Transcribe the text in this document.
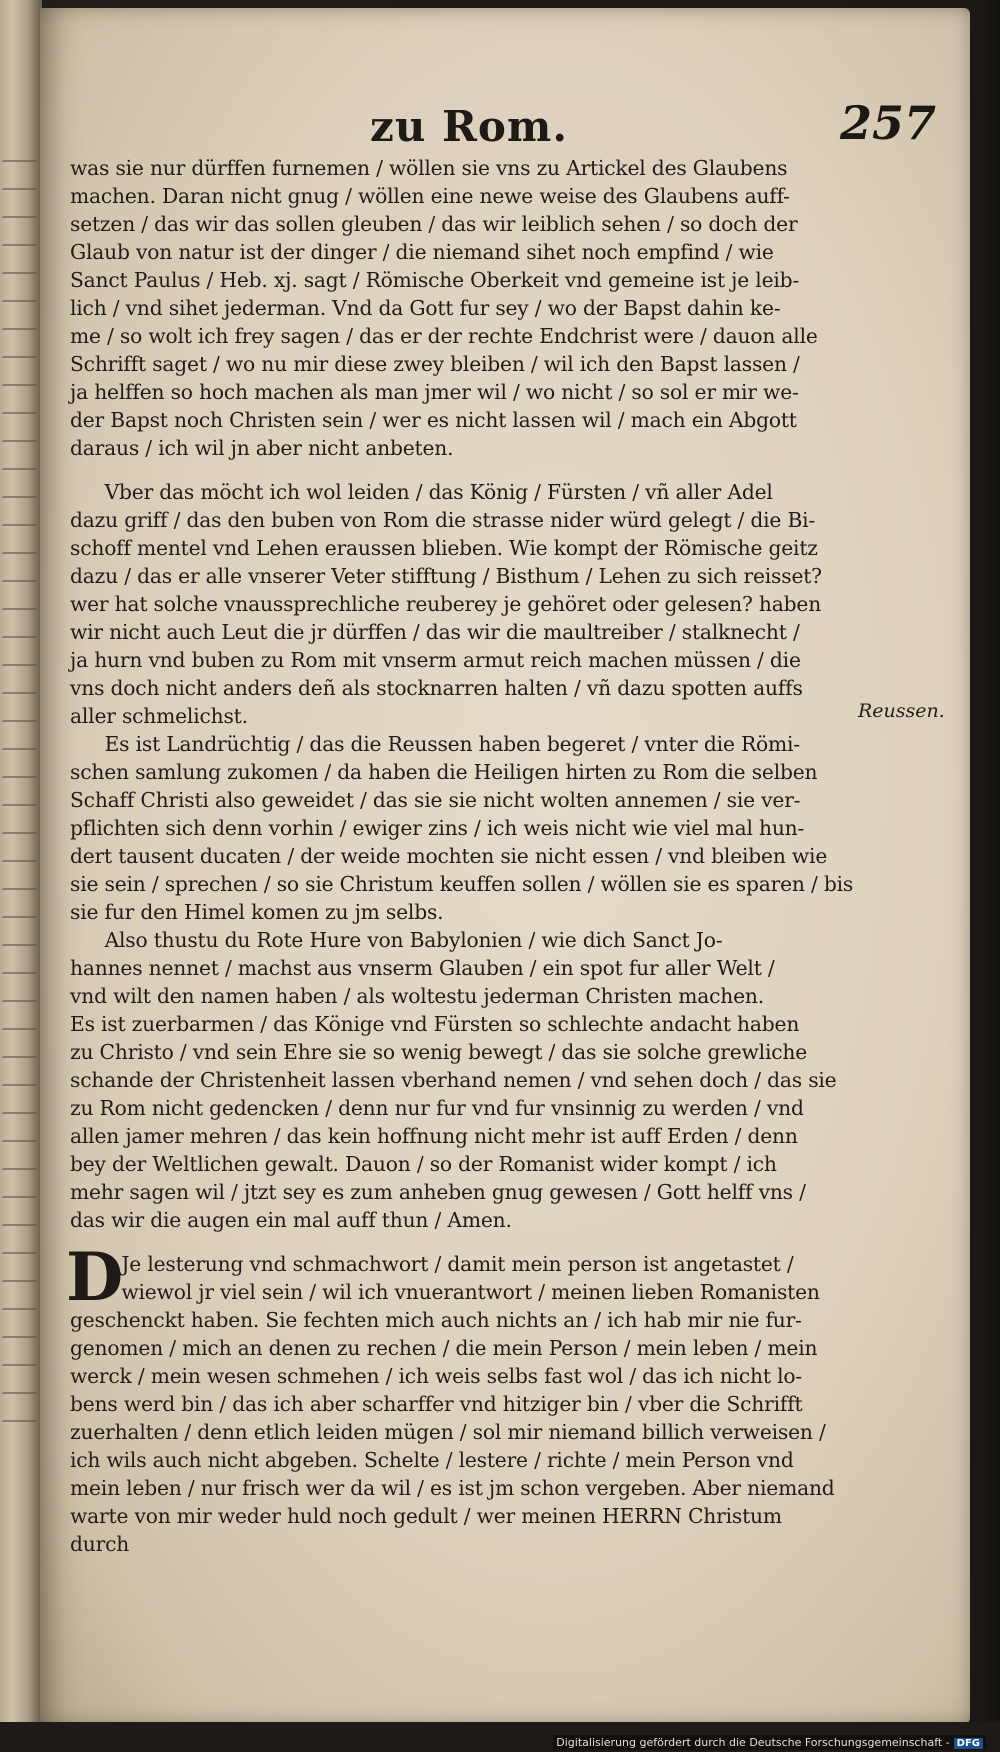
zu Rom.	257
Reussen.
was sie nur dürffen furnemen / wöllen sie vns zu Artickel des Glaubens
machen. Daran nicht gnug / wöllen eine newe weise des Glaubens auff-
setzen / das wir das sollen gleuben / das wir leiblich sehen / so doch der
Glaub von natur ist der dinger / die niemand sihet noch empfind / wie
Sanct Paulus / Heb. xj. sagt / Römische Oberkeit vnd gemeine ist je leib-
lich / vnd sihet jederman. Vnd da Gott fur sey / wo der Bapst dahin ke-
me / so wolt ich frey sagen / das er der rechte Endchrist were / dauon alle
Schrifft saget / wo nu mir diese zwey bleiben / wil ich den Bapst lassen /
ja helffen so hoch machen als man jmer wil / wo nicht / so sol er mir we-
der Bapst noch Christen sein / wer es nicht lassen wil / mach ein Abgott
daraus / ich wil jn aber nicht anbeten.
Vber das möcht ich wol leiden / das König / Fürsten / vñ aller Adel
dazu griff / das den buben von Rom die strasse nider würd gelegt / die Bi-
schoff mentel vnd Lehen eraussen blieben. Wie kompt der Römische geitz
dazu / das er alle vnserer Veter stifftung / Bisthum / Lehen zu sich reisset?
wer hat solche vnaussprechliche reuberey je gehöret oder gelesen? haben
wir nicht auch Leut die jr dürffen / das wir die maultreiber / stalknecht /
ja hurn vnd buben zu Rom mit vnserm armut reich machen müssen / die
vns doch nicht anders deñ als stocknarren halten / vñ dazu spotten auffs
aller schmelichst.
Es ist Landrüchtig / das die Reussen haben begeret / vnter die Römi-
schen samlung zukomen / da haben die Heiligen hirten zu Rom die selben
Schaff Christi also geweidet / das sie sie nicht wolten annemen / sie ver-
pflichten sich denn vorhin / ewiger zins / ich weis nicht wie viel mal hun-
dert tausent ducaten / der weide mochten sie nicht essen / vnd bleiben wie
sie sein / sprechen / so sie Christum keuffen sollen / wöllen sie es sparen / bis
sie fur den Himel komen zu jm selbs.
Also thustu du Rote Hure von Babylonien / wie dich Sanct Jo-
hannes nennet / machst aus vnserm Glauben / ein spot fur aller Welt /
vnd wilt den namen haben / als woltestu jederman Christen machen.
Es ist zuerbarmen / das Könige vnd Fürsten so schlechte andacht haben
zu Christo / vnd sein Ehre sie so wenig bewegt / das sie solche grewliche
schande der Christenheit lassen vberhand nemen / vnd sehen doch / das sie
zu Rom nicht gedencken / denn nur fur vnd fur vnsinnig zu werden / vnd
allen jamer mehren / das kein hoffnung nicht mehr ist auff Erden / denn
bey der Weltlichen gewalt. Dauon / so der Romanist wider kompt / ich
mehr sagen wil / jtzt sey es zum anheben gnug gewesen / Gott helff vns /
das wir die augen ein mal auff thun / Amen.
Je lesterung vnd schmachwort / damit mein person ist angetastet /
wiewol jr viel sein / wil ich vnuerantwort / meinen lieben Romanisten
geschenckt haben. Sie fechten mich auch nichts an / ich hab mir nie fur-
genomen / mich an denen zu rechen / die mein Person / mein leben / mein
werck / mein wesen schmehen / ich weis selbs fast wol / das ich nicht lo-
bens werd bin / das ich aber scharffer vnd hitziger bin / vber die Schrifft
zuerhalten / denn etlich leiden mügen / sol mir niemand billich verweisen /
ich wils auch nicht abgeben. Schelte / lestere / richte / mein Person vnd
mein leben / nur frisch wer da wil / es ist jm schon vergeben. Aber niemand
warte von mir weder huld noch gedult / wer meinen HERRN Christum
durch
D
Digitalisierung gefördert durch die Deutsche Forschungsgemeinschaft - DFG
